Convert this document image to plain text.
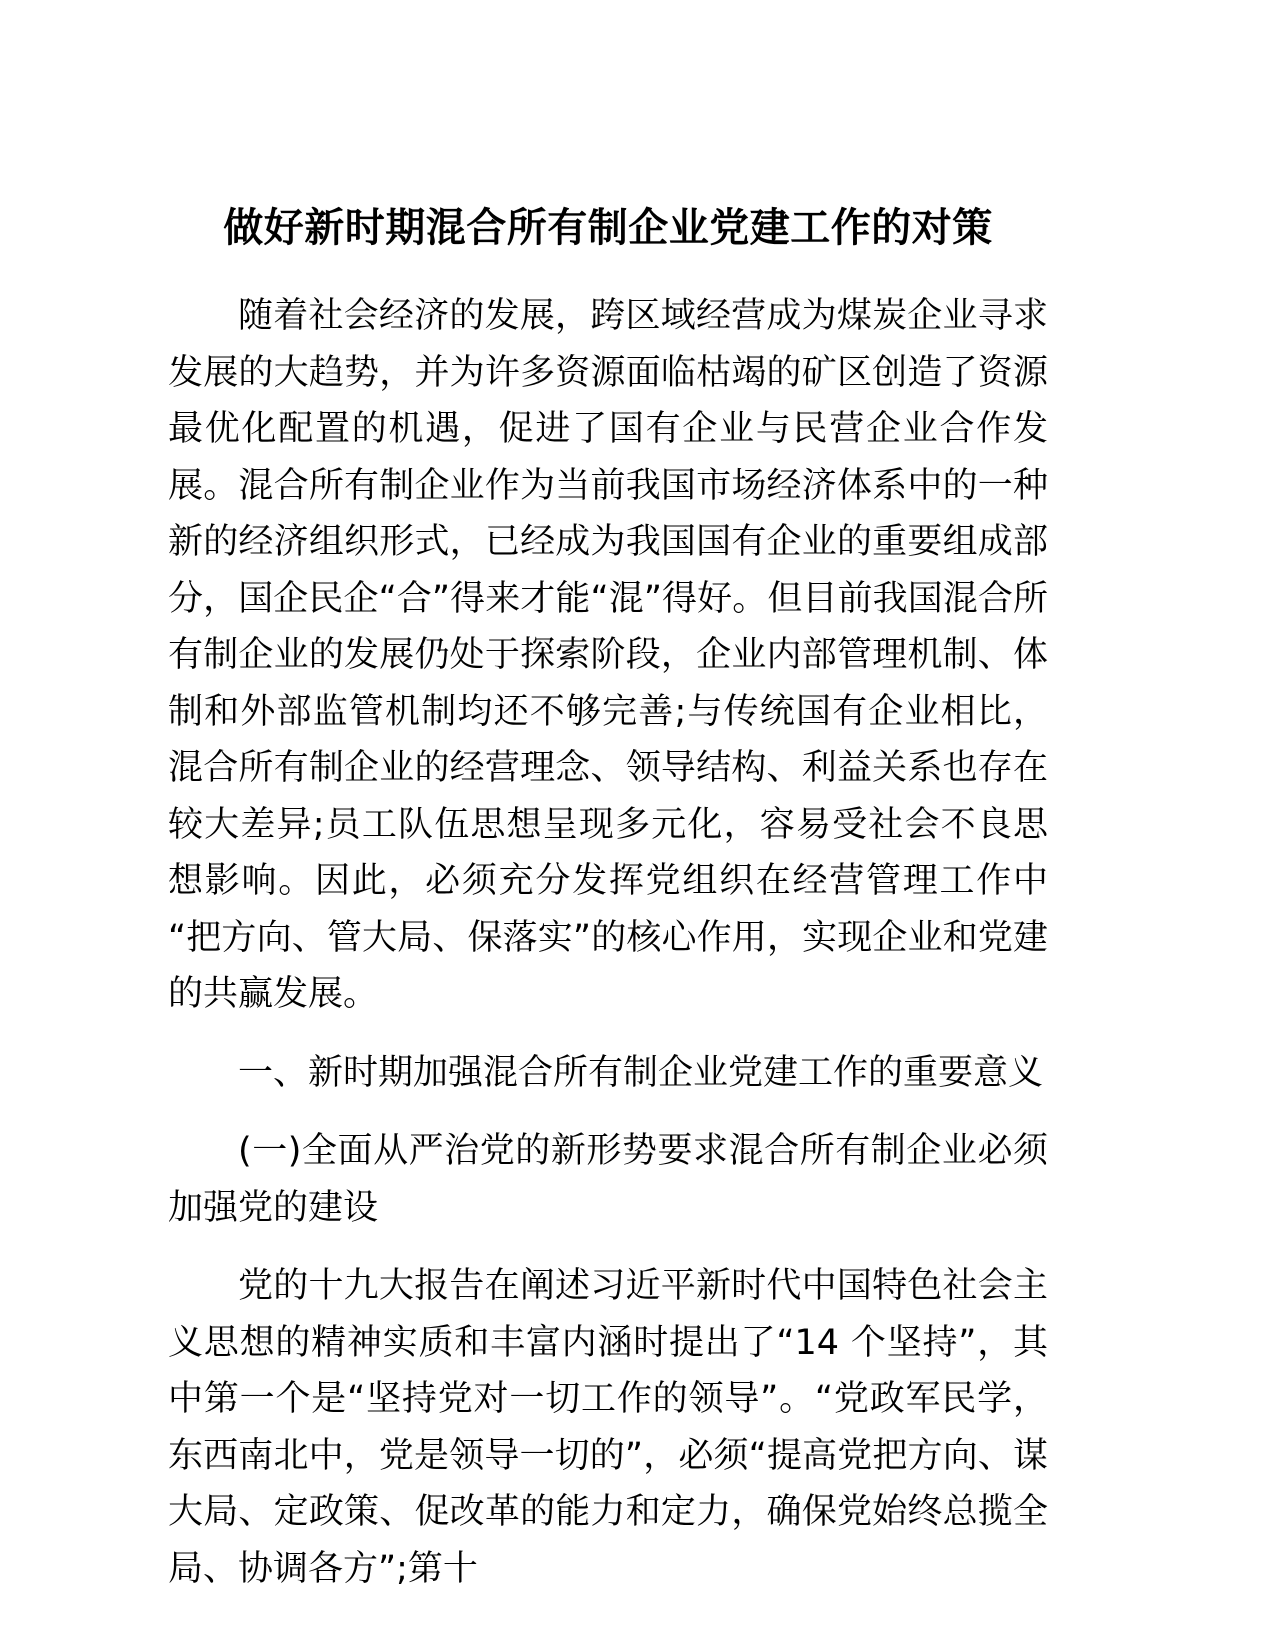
做好新时期混合所有制企业党建工作的对策

随着社会经济的发展，跨区域经营成为煤炭企业寻求发展的大趋势，并为许多资源面临枯竭的矿区创造了资源最优化配置的机遇，促进了国有企业与民营企业合作发展。混合所有制企业作为当前我国市场经济体系中的一种新的经济组织形式，已经成为我国国有企业的重要组成部分，国企民企“合”得来才能“混”得好。但目前我国混合所有制企业的发展仍处于探索阶段，企业内部管理机制、体制和外部监管机制均还不够完善;与传统国有企业相比，混合所有制企业的经营理念、领导结构、利益关系也存在较大差异;员工队伍思想呈现多元化，容易受社会不良思想影响。因此，必须充分发挥党组织在经营管理工作中“把方向、管大局、保落实”的核心作用，实现企业和党建的共赢发展。

一、新时期加强混合所有制企业党建工作的重要意义

(一)全面从严治党的新形势要求混合所有制企业必须加强党的建设

党的十九大报告在阐述习近平新时代中国特色社会主义思想的精神实质和丰富内涵时提出了“14 个坚持”，其中第一个是“坚持党对一切工作的领导”。“党政军民学，东西南北中，党是领导一切的”，必须“提高党把方向、谋大局、定政策、促改革的能力和定力，确保党始终总揽全局、协调各方”;第十
